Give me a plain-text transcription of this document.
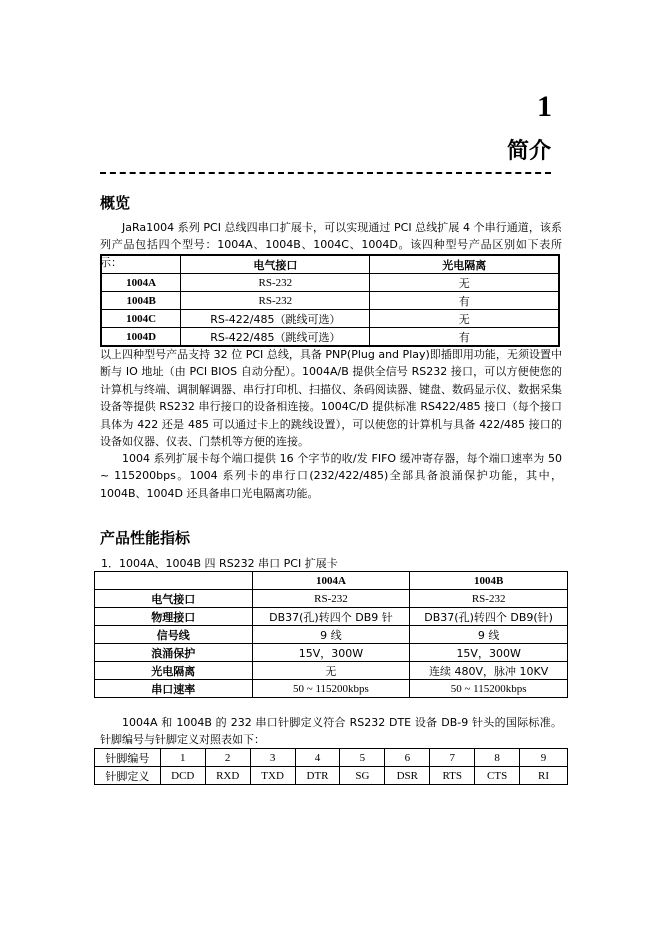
1
简介
概览
JaRa1004 系列 PCI 总线四串口扩展卡，可以实现通过 PCI 总线扩展 4 个串行通道，该系列产品包括四个型号：1004A、1004B、1004C、1004D。该四种型号产品区别如下表所示：
		电气接口	光电隔离
1004A	RS-232	无
1004B	RS-232	有
1004C	RS-422/485（跳线可选）	无
1004D	RS-422/485（跳线可选）	有
以上四种型号产品支持 32 位 PCI 总线，具备 PNP(Plug and Play)即插即用功能，无须设置中断与 IO 地址（由 PCI BIOS 自动分配）。1004A/B 提供全信号 RS232 接口，可以方便使您的计算机与终端、调制解调器、串行打印机、扫描仪、条码阅读器、键盘、数码显示仪、数据采集设备等提供 RS232 串行接口的设备相连接。1004C/D 提供标准 RS422/485 接口（每个接口具体为 422 还是 485 可以通过卡上的跳线设置），可以使您的计算机与具备 422/485 接口的设备如仪器、仪表、门禁机等方便的连接。
1004 系列扩展卡每个端口提供 16 个字节的收/发 FIFO 缓冲寄存器，每个端口速率为 50 ~ 115200bps。1004 系列卡的串行口(232/422/485)全部具备浪涌保护功能，其中，1004B、1004D 还具备串口光电隔离功能。
产品性能指标
1．1004A、1004B 四 RS232 串口 PCI 扩展卡
	1004A	1004B
电气接口	RS-232	RS-232
物理接口	DB37(孔)转四个 DB9 针	DB37(孔)转四个 DB9(针)
信号线	9 线	9 线
浪涌保护	15V，300W	15V，300W
光电隔离	无	连续 480V，脉冲 10KV
串口速率	50 ~ 115200kbps	50 ~ 115200kbps
1004A 和 1004B 的 232 串口针脚定义符合 RS232 DTE 设备 DB-9 针头的国际标准。针脚编号与针脚定义对照表如下：
针脚编号	1	2	3	4	5	6	7	8	9
针脚定义	DCD	RXD	TXD	DTR	SG	DSR	RTS	CTS	RI
